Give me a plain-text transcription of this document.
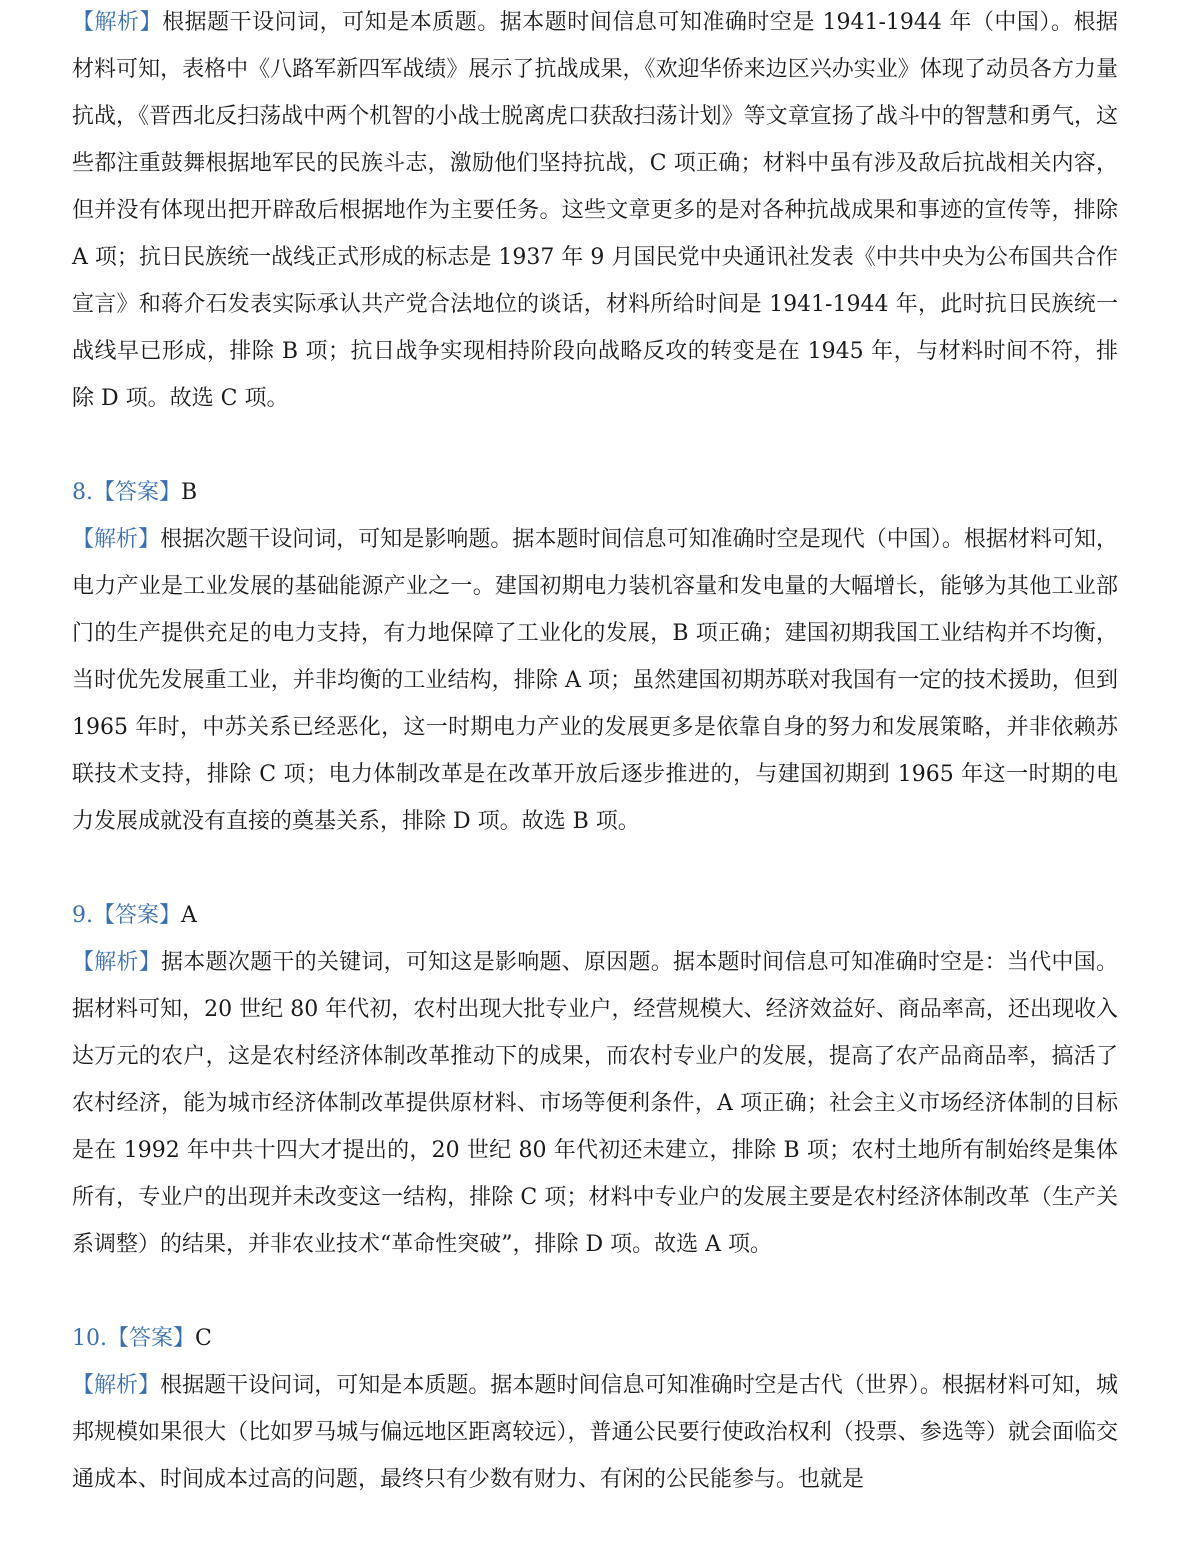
【解析】根据题干设问词，可知是本质题。据本题时间信息可知准确时空是 1941-1944 年（中国）。根据材料可知，表格中《八路军新四军战绩》展示了抗战成果，《欢迎华侨来边区兴办实业》体现了动员各方力量抗战，《晋西北反扫荡战中两个机智的小战士脱离虎口获敌扫荡计划》等文章宣扬了战斗中的智慧和勇气，这些都注重鼓舞根据地军民的民族斗志，激励他们坚持抗战，C 项正确；材料中虽有涉及敌后抗战相关内容，但并没有体现出把开辟敌后根据地作为主要任务。这些文章更多的是对各种抗战成果和事迹的宣传等，排除 A 项；抗日民族统一战线正式形成的标志是 1937 年 9 月国民党中央通讯社发表《中共中央为公布国共合作宣言》和蒋介石发表实际承认共产党合法地位的谈话，材料所给时间是 1941-1944 年，此时抗日民族统一战线早已形成，排除 B 项；抗日战争实现相持阶段向战略反攻的转变是在 1945 年，与材料时间不符，排除 D 项。故选 C 项。

8.【答案】B

【解析】根据次题干设问词，可知是影响题。据本题时间信息可知准确时空是现代（中国）。根据材料可知，电力产业是工业发展的基础能源产业之一。建国初期电力装机容量和发电量的大幅增长，能够为其他工业部门的生产提供充足的电力支持，有力地保障了工业化的发展，B 项正确；建国初期我国工业结构并不均衡，当时优先发展重工业，并非均衡的工业结构，排除 A 项；虽然建国初期苏联对我国有一定的技术援助，但到 1965 年时，中苏关系已经恶化，这一时期电力产业的发展更多是依靠自身的努力和发展策略，并非依赖苏联技术支持，排除 C 项；电力体制改革是在改革开放后逐步推进的，与建国初期到 1965 年这一时期的电力发展成就没有直接的奠基关系，排除 D 项。故选 B 项。

9.【答案】A

【解析】据本题次题干的关键词，可知这是影响题、原因题。据本题时间信息可知准确时空是：当代中国。据材料可知，20 世纪 80 年代初，农村出现大批专业户，经营规模大、经济效益好、商品率高，还出现收入达万元的农户，这是农村经济体制改革推动下的成果，而农村专业户的发展，提高了农产品商品率，搞活了农村经济，能为城市经济体制改革提供原材料、市场等便利条件，A 项正确；社会主义市场经济体制的目标是在 1992 年中共十四大才提出的，20 世纪 80 年代初还未建立，排除 B 项；农村土地所有制始终是集体所有，专业户的出现并未改变这一结构，排除 C 项；材料中专业户的发展主要是农村经济体制改革（生产关系调整）的结果，并非农业技术“革命性突破”，排除 D 项。故选 A 项。

10.【答案】C

【解析】根据题干设问词，可知是本质题。据本题时间信息可知准确时空是古代（世界）。根据材料可知，城邦规模如果很大（比如罗马城与偏远地区距离较远），普通公民要行使政治权利（投票、参选等）就会面临交通成本、时间成本过高的问题，最终只有少数有财力、有闲的公民能参与。也就是
